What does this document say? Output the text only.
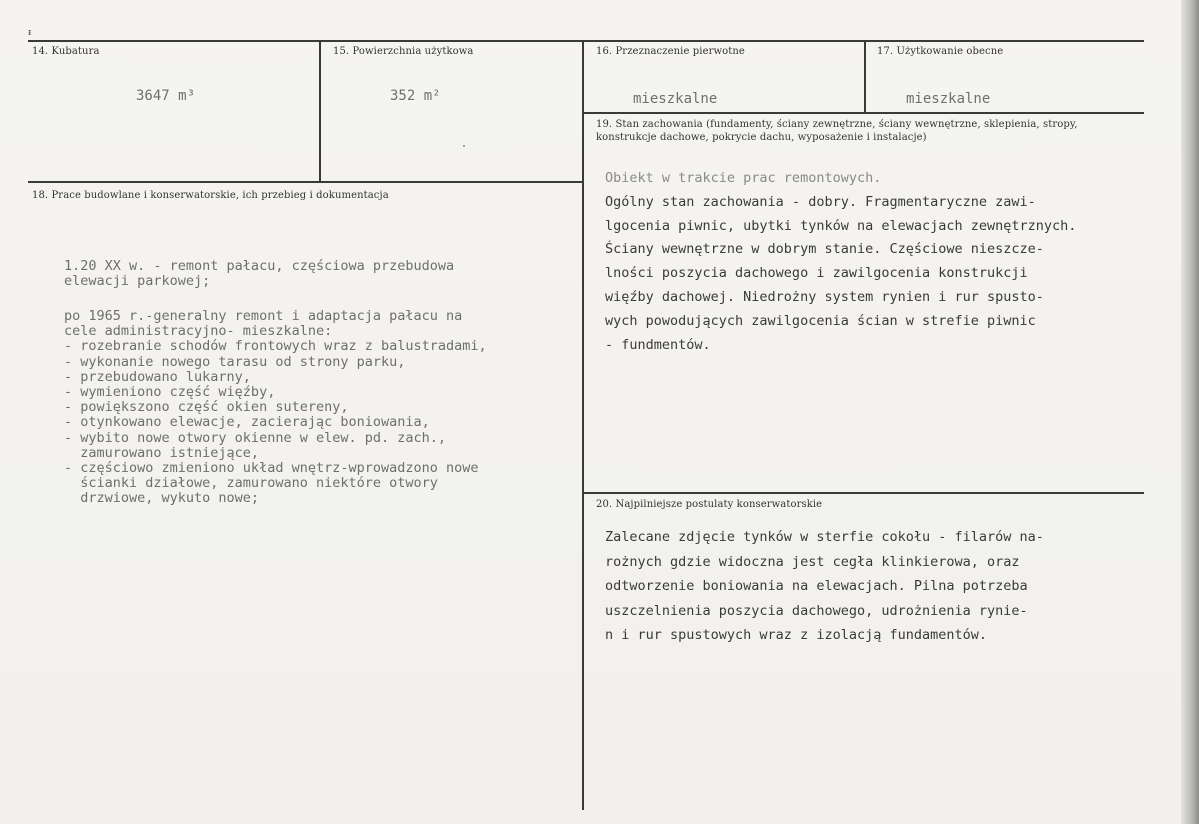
ᵻ
14. Kubatura
3647 m³
15. Powierzchnia użytkowa
352 m²
16. Przeznaczenie pierwotne
mieszkalne
17. Użytkowanie obecne
mieszkalne
18. Prace budowlane i konserwatorskie, ich przebieg i dokumentacja
1.20 XX w. - remont pałacu, częściowa przebudowa
elewacji parkowej;
po 1965 r.-generalny remont i adaptacja pałacu na
cele administracyjno- mieszkalne:
- rozebranie schodów frontowych wraz z balustradami,
- wykonanie nowego tarasu od strony parku,
- przebudowano lukarny,
- wymieniono część więźby,
- powiększono część okien sutereny,
- otynkowano elewacje, zacierając boniowania,
- wybito nowe otwory okienne w elew. pd. zach.,
zamurowano istniejące,
- częściowo zmieniono układ wnętrz-wprowadzono nowe
ścianki działowe, zamurowano niektóre otwory
drzwiowe, wykuto nowe;
19. Stan zachowania (fundamenty, ściany zewnętrzne, ściany wewnętrzne, sklepienia, stropy, konstrukcje dachowe, pokrycie dachu, wyposażenie i instalacje)
Obiekt w trakcie prac remontowych.
Ogólny stan zachowania - dobry. Fragmentaryczne zawi-
lgocenia piwnic, ubytki tynków na elewacjach zewnętrznych.
Ściany wewnętrzne w dobrym stanie. Częściowe nieszcze-
lności poszycia dachowego i zawilgocenia konstrukcji
więźby dachowej. Niedrożny system rynien i rur spusto-
wych powodujących zawilgocenia ścian w strefie piwnic
- fundmentów.
20. Najpilniejsze postulaty konserwatorskie
Zalecane zdjęcie tynków w sterfie cokołu - filarów na-
rożnych gdzie widoczna jest cegła klinkierowa, oraz
odtworzenie boniowania na elewacjach. Pilna potrzeba
uszczelnienia poszycia dachowego, udrożnienia rynie-
n i rur spustowych wraz z izolacją fundamentów.
